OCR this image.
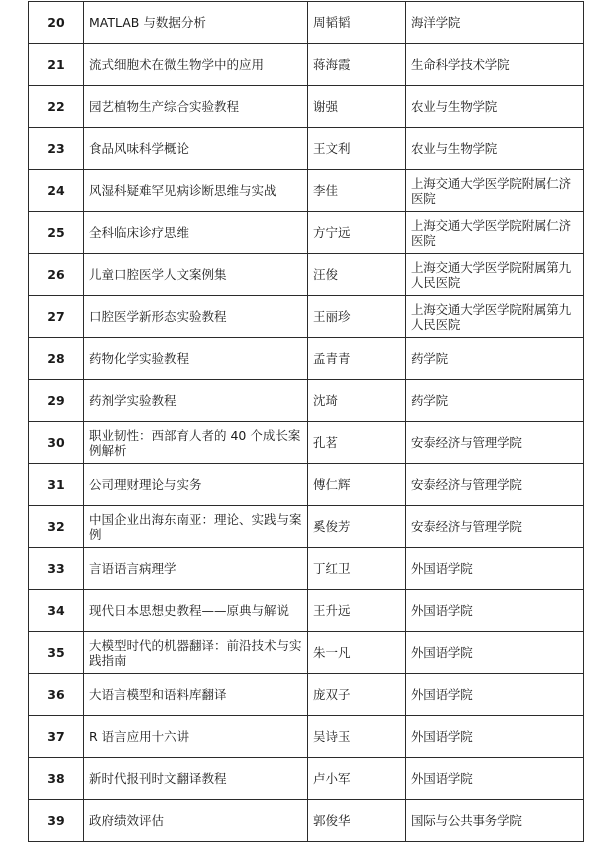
20	MATLAB 与数据分析	周韬韬	海洋学院
21	流式细胞术在微生物学中的应用	蒋海霞	生命科学技术学院
22	园艺植物生产综合实验教程	谢强	农业与生物学院
23	食品风味科学概论	王文利	农业与生物学院
24	风湿科疑难罕见病诊断思维与实战	李佳	上海交通大学医学院附属仁济医院
25	全科临床诊疗思维	方宁远	上海交通大学医学院附属仁济医院
26	儿童口腔医学人文案例集	汪俊	上海交通大学医学院附属第九人民医院
27	口腔医学新形态实验教程	王丽珍	上海交通大学医学院附属第九人民医院
28	药物化学实验教程	孟青青	药学院
29	药剂学实验教程	沈琦	药学院
30	职业韧性：西部育人者的 40 个成长案例解析	孔茗	安泰经济与管理学院
31	公司理财理论与实务	傅仁辉	安泰经济与管理学院
32	中国企业出海东南亚：理论、实践与案例	奚俊芳	安泰经济与管理学院
33	言语语言病理学	丁红卫	外国语学院
34	现代日本思想史教程——原典与解说	王升远	外国语学院
35	大模型时代的机器翻译：前沿技术与实践指南	朱一凡	外国语学院
36	大语言模型和语料库翻译	庞双子	外国语学院
37	R 语言应用十六讲	吴诗玉	外国语学院
38	新时代报刊时文翻译教程	卢小军	外国语学院
39	政府绩效评估	郭俊华	国际与公共事务学院
